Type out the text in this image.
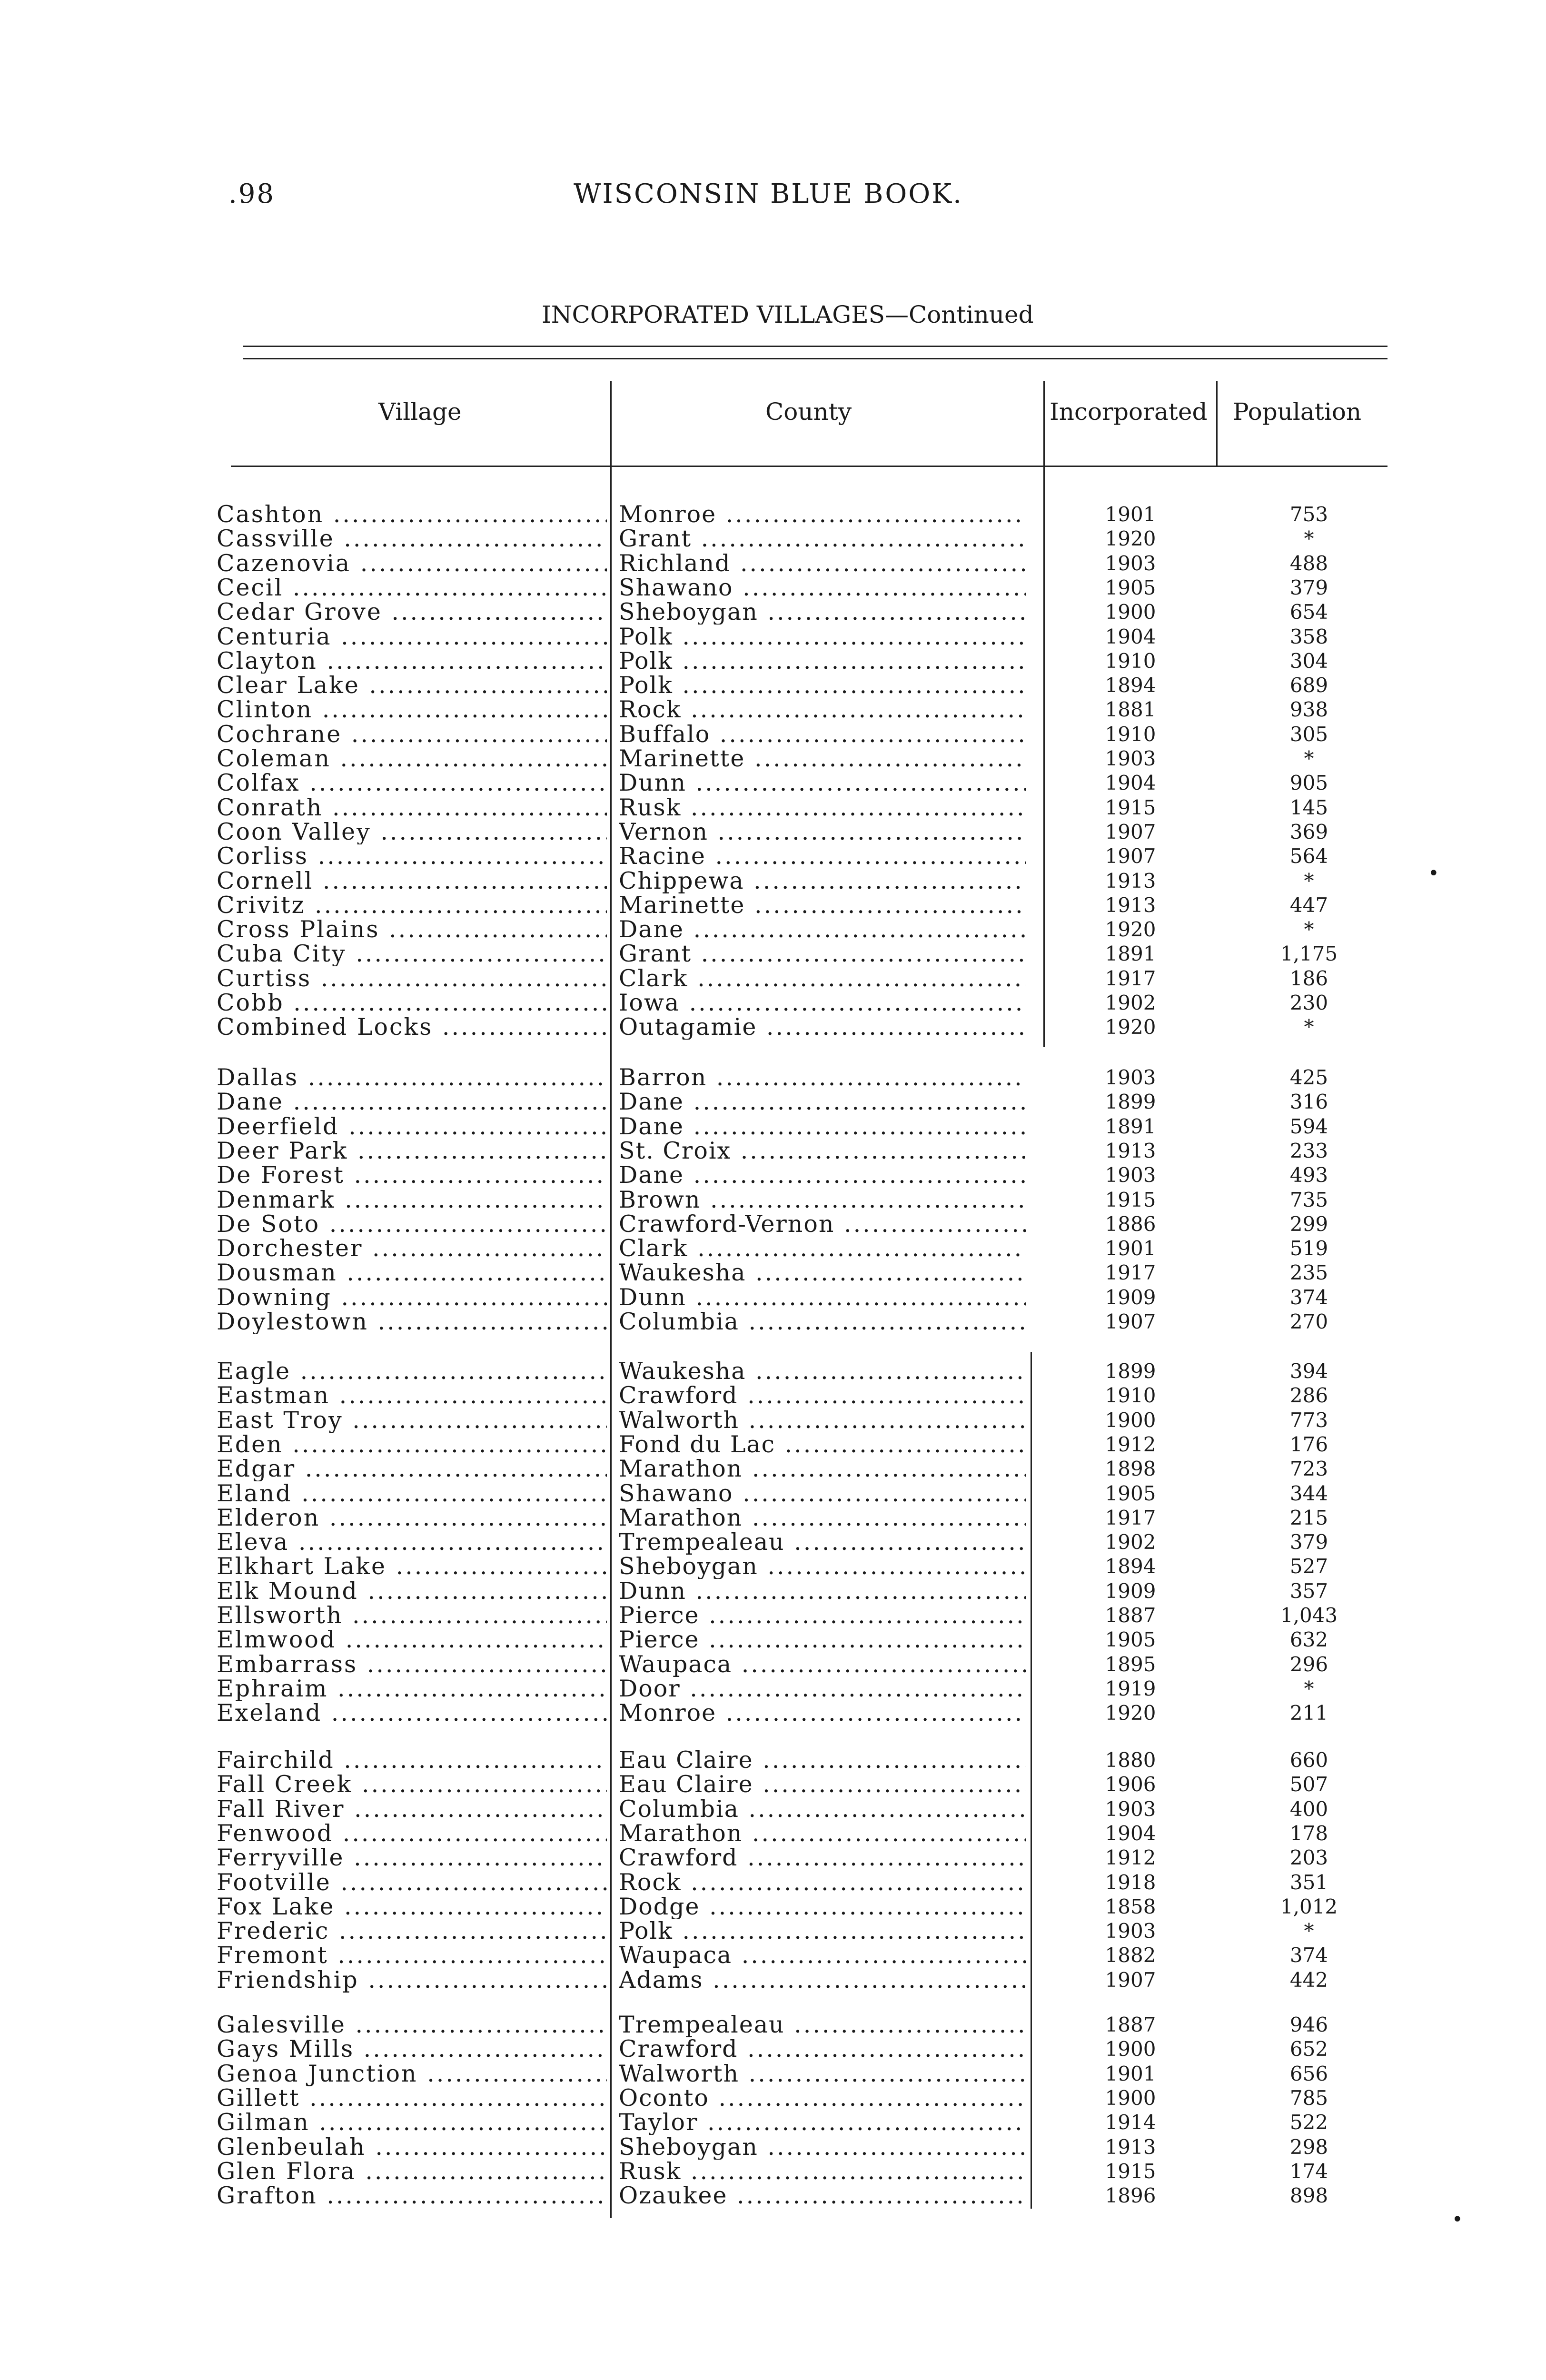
.98	WISCONSIN BLUE BOOK.
INCORPORATED VILLAGES—Continued
Village	County	Incorporated Population
Cashton .....	Monroe .....	1901	753
Cassville .....	Grant .....	1920	*
Cazenovia .....	Richland .....	1903	488
Cecil .....	Shawano .....	1905	379
Cedar Grove .....	Sheboygan .....	1900	654
Centuria .....	Polk .....	1904	358
Clayton .....	Polk .....	1910	304
Clear Lake .....	Polk .....	1894	689
Clinton .....	Rock .....	1881	938
Cochrane .....	Buffalo .....	1910	305
Coleman .....	Marinette .....	1903	*
Colfax .....	Dunn .....	1904	905
Conrath .....	Rusk .....	1915	145
Coon Valley .....	Vernon .....	1907	369
Corliss .....	Racine .....	1907	564
Cornell .....	Chippewa .....	1913	*
Crivitz .....	Marinette .....	1913	447
Cross Plains .....	Dane .....	1920	*
Cuba City .....	Grant .....	1891	1,175
Curtiss .....	Clark .....	1917	186
Cobb .....	Iowa .....	1902	230
Combined Locks .....	Outagamie .....	1920	*
Dallas .....	Barron .....	1903	425
Dane .....	Dane .....	1899	316
Deerfield .....	Dane .....	1891	594
Deer Park .....	St. Croix .....	1913	233
De Forest .....	Dane .....	1903	493
Denmark .....	Brown .....	1915	735
De Soto .....	Crawford-Vernon .....	1886	299
Dorchester .....	Clark .....	1901	519
Dousman .....	Waukesha .....	1917	235
Downing .....	Dunn .....	1909	374
Doylestown .....	Columbia .....	1907	270
Eagle .....	Waukesha .....	1899	394
Eastman .....	Crawford .....	1910	286
East Troy .....	Walworth .....	1900	773
Eden .....	Fond du Lac .....	1912	176
Edgar .....	Marathon .....	1898	723
Eland .....	Shawano .....	1905	344
Elderon .....	Marathon .....	1917	215
Eleva .....	Trempealeau .....	1902	379
Elkhart Lake .....	Sheboygan .....	1894	527
Elk Mound .....	Dunn .....	1909	357
Ellsworth .....	Pierce .....	1887	1,043
Elmwood .....	Pierce .....	1905	632
Embarrass .....	Waupaca .....	1895	296
Ephraim .....	Door .....	1919	*
Exeland .....	Monroe .....	1920	211
Fairchild .....	Eau Claire .....	1880	660
Fall Creek .....	Eau Claire .....	1906	507
Fall River .....	Columbia .....	1903	400
Fenwood .....	Marathon .....	1904	178
Ferryville .....	Crawford .....	1912	203
Footville .....	Rock .....	1918	351
Fox Lake .....	Dodge .....	1858	1,012
Frederic .....	Polk .....	1903	*
Fremont .....	Waupaca .....	1882	374
Friendship .....	Adams .....	1907	442
Galesville .....	Trempealeau .....	1887	946
Gays Mills .....	Crawford .....	1900	652
Genoa Junction .....	Walworth .....	1901	656
Gillett .....	Oconto .....	1900	785
Gilman .....	Taylor .....	1914	522
Glenbeulah .....	Sheboygan .....	1913	298
Glen Flora .....	Rusk .....	1915	174
Grafton .....	Ozaukee .....	1896	898
•
•
